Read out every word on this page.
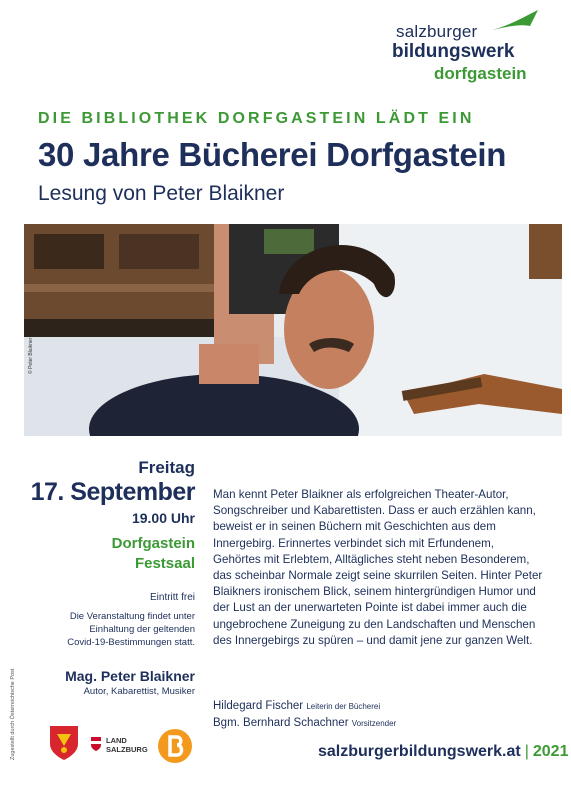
salzburger
bildungswerk
dorfgastein
DIE BIBLIOTHEK DORFGASTEIN LÄDT EIN
30 Jahre Bücherei Dorfgastein
Lesung von Peter Blaikner
© Peter Blaikner
Freitag
17. September
19.00 Uhr
Dorfgastein
Festsaal
Eintritt frei
Die Veranstaltung findet unter
Einhaltung der geltenden
Covid-19-Bestimmungen statt.
Mag. Peter Blaikner
Autor, Kabarettist, Musiker
Man kennt Peter Blaikner als erfolgreichen Theater-Autor, Songschreiber und Kabarettisten. Dass er auch erzählen kann, beweist er in seinen Büchern mit Geschichten aus dem Innergebirg. Erinnertes verbindet sich mit Erfundenem, Gehörtes mit Erlebtem, Alltägliches steht neben Besonderem, das scheinbar Normale zeigt seine skurrilen Seiten. Hinter Peter Blaikners ironischem Blick, seinem hintergründigen Humor und der Lust an der unerwarteten Pointe ist dabei immer auch die ungebrochene Zuneigung zu den Landschaften und Menschen des Innergebirgs zu spüren – und damit jene zur ganzen Welt.
Hildegard Fischer Leiterin der Bücherei
Bgm. Bernhard Schachner Vorsitzender
salzburgerbildungswerk.at | 2021
Zugestellt durch Österreichische Post	LAND
SALZBURG
